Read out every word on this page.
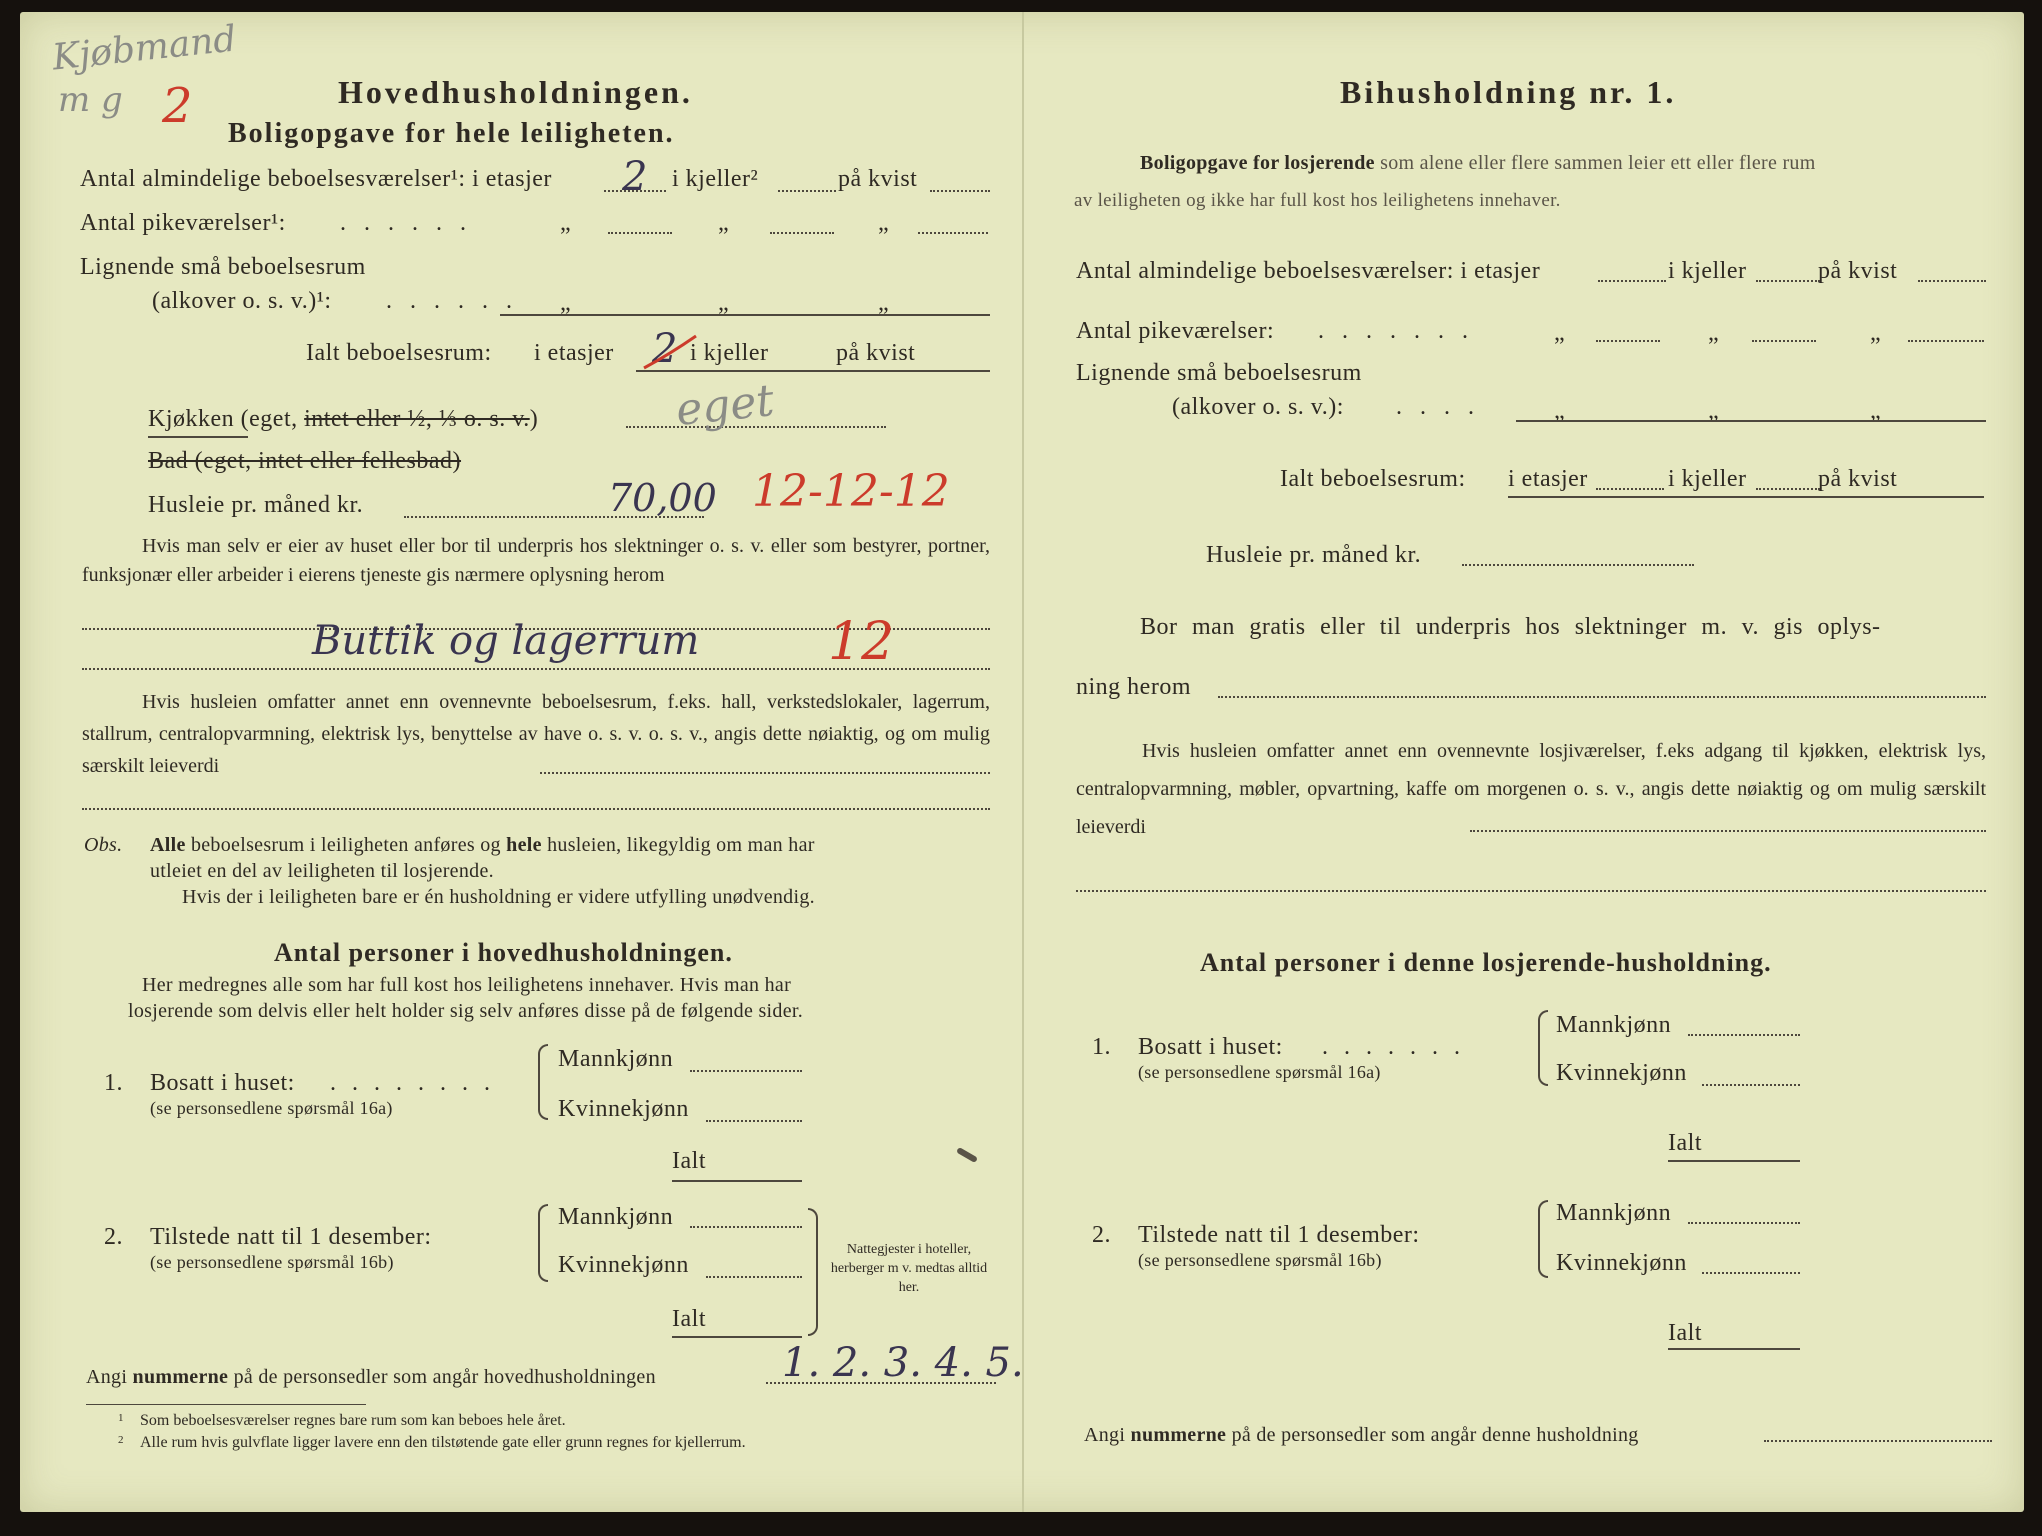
Kjøbmand
m g 2	Hovedhusholdningen.
Boligopgave for hele leiligheten.
Antal almindelige beboelsesværelser¹: i etasjer 2 i kjeller²	på kvist
Antal pikeværelser¹: . . . . . .	„	„	„
Lignende små beboelsesrum
(alkover o. s. v.)¹: . . . . . . „	„	„
Ialt beboelsesrum: i etasjer 2 i kjeller	på kvist
Kjøkken (eget, intet eller ½, ⅓ o. s. v.)	eget
Bad (eget, intet eller fellesbad)
Husleie pr. måned kr.	70,00 12-12-12
Hvis man selv er eier av huset eller bor til underpris hos slektninger o. s. v. eller som bestyrer, portner, funksjonær eller arbeider i eierens tjeneste gis nærmere oplysning herom
Buttik og lagerrum 12
Hvis husleien omfatter annet enn ovennevnte beboelsesrum, f.eks. hall, verkstedslokaler, lagerrum, stallrum, centralopvarmning, elektrisk lys, benyttelse av have o. s. v. o. s. v., angis dette nøiaktig, og om mulig særskilt leieverdi
Obs. Alle beboelsesrum i leiligheten anføres og hele husleien, likegyldig om man har
utleiet en del av leiligheten til losjerende.
Hvis der i leiligheten bare er én husholdning er videre utfylling unødvendig.
Antal personer i hovedhusholdningen.
Her medregnes alle som har full kost hos leilighetens innehaver. Hvis man har
losjerende som delvis eller helt holder sig selv anføres disse på de følgende sider.
1. Bosatt i huset: . . . . . . . .
(se personsedlene spørsmål 16a)
Mannkjønn
Kvinnekjønn
Ialt
2. Tilstede natt til 1 desember:
(se personsedlene spørsmål 16b)
Mannkjønn
Kvinnekjønn
Ialt
Nattegjester i hoteller, herberger m v. medtas alltid her.
Angi nummerne på de personsedler som angår hovedhusholdningen	1. 2. 3. 4. 5.
1 Som beboelsesværelser regnes bare rum som kan bebоes hele året.
2 Alle rum hvis gulvflate ligger lavere enn den tilstøtende gate eller grunn regnes for kjellerrum.
Bihusholdning nr. 1.
Boligopgave for losjerende som alene eller flere sammen leier ett eller flere rum
av leiligheten og ikke har full kost hos leilighetens innehaver.
Antal almindelige beboelsesværelser: i etasjer	i kjeller	på kvist
Antal pikeværelser: . . . . . . .	„	„	„
Lignende små beboelsesrum
(alkover o. s. v.): . . . .	„	„	„
Ialt beboelsesrum: i etasjer	i kjeller	på kvist
Husleie pr. måned kr.
Bor man gratis eller til underpris hos slektninger m. v. gis oplys-
ning herom
Hvis husleien omfatter annet enn ovennevnte losjiværelser, f.eks adgang til kjøkken, elektrisk lys, centralopvarmning, møbler, opvartning, kaffe om morgenen o. s. v., angis dette nøiaktig og om mulig særskilt leieverdi
Antal personer i denne losjerende-husholdning.
1. Bosatt i huset: . . . . . . .
(se personsedlene spørsmål 16a)
Mannkjønn
Kvinnekjønn
Ialt
2. Tilstede natt til 1 desember:
(se personsedlene spørsmål 16b)
Mannkjønn
Kvinnekjønn
Ialt
Angi nummerne på de personsedler som angår denne husholdning
